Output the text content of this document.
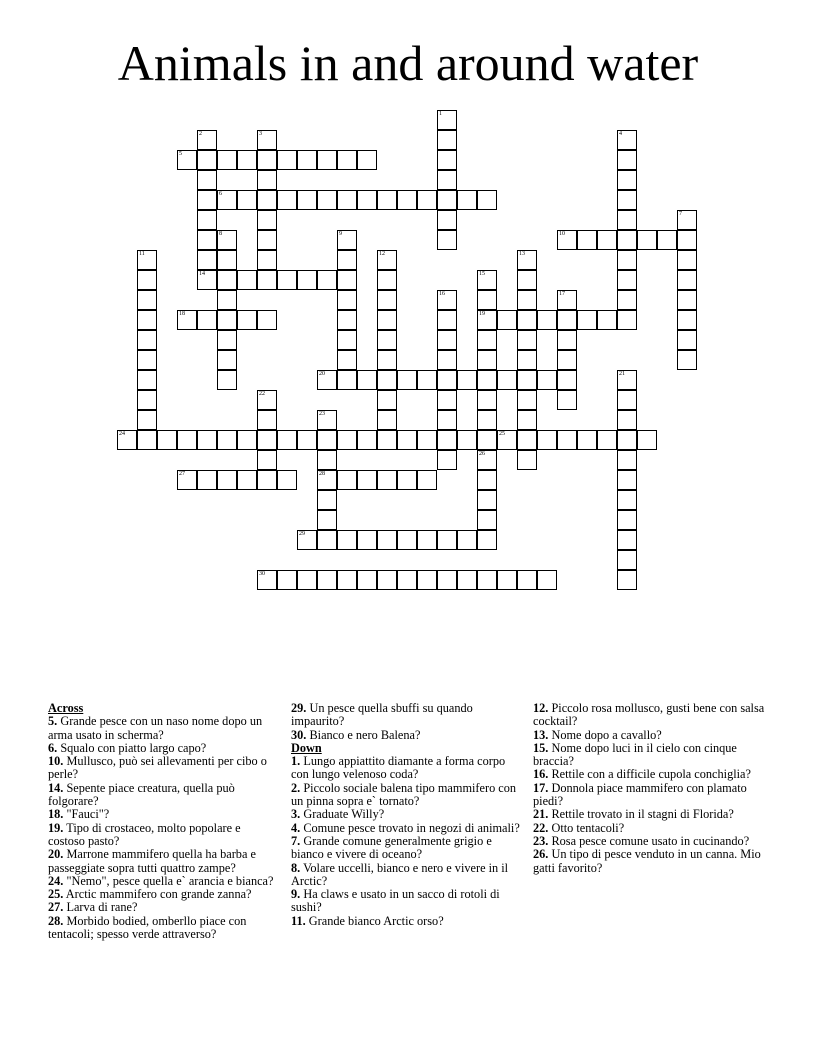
Animals in and around water
1
2	3	4
5
6
7
8	9	10
11	12	13
14	15
16	17
18	19
20	21
22
23
24	25
26
27	28
29
30

Across

5. Grande pesce con un naso nome dopo un arma usato in scherma?

6. Squalo con piatto largo capo?

10. Mullusco, può sei allevamenti per cibo o perle?

14. Sepente piace creatura, quella può folgorare?

18. "Fauci"?

19. Tipo di crostaceo, molto popolare e costoso pasto?

20. Marrone mammifero quella ha barba e passeggiate sopra tutti quattro zampe?

24. "Nemo", pesce quella e` arancia e bianca?

25. Arctic mammifero con grande zanna?

27. Larva di rane?

28. Morbido bodied, omberllo piace con tentacoli; spesso verde attraverso?

29. Un pesce quella sbuffi su quando impaurito?

30. Bianco e nero Balena?

Down

1. Lungo appiattito diamante a forma corpo con lungo velenoso coda?

2. Piccolo sociale balena tipo mammifero con un pinna sopra e` tornato?

3. Graduate Willy?

4. Comune pesce trovato in negozi di animali?

7. Grande comune generalmente grigio e bianco e vivere di oceano?

8. Volare uccelli, bianco e nero e vivere in il Arctic?

9. Ha claws e usato in un sacco di rotoli di sushi?

11. Grande bianco Arctic orso?

12. Piccolo rosa mollusco, gusti bene con salsa cocktail?

13. Nome dopo a cavallo?

15. Nome dopo luci in il cielo con cinque braccia?

16. Rettile con a difficile cupola conchiglia?

17. Donnola piace mammifero con plamato piedi?

21. Rettile trovato in il stagni di Florida?

22. Otto tentacoli?

23. Rosa pesce comune usato in cucinando?

26. Un tipo di pesce venduto in un canna. Mio gatti favorito?
